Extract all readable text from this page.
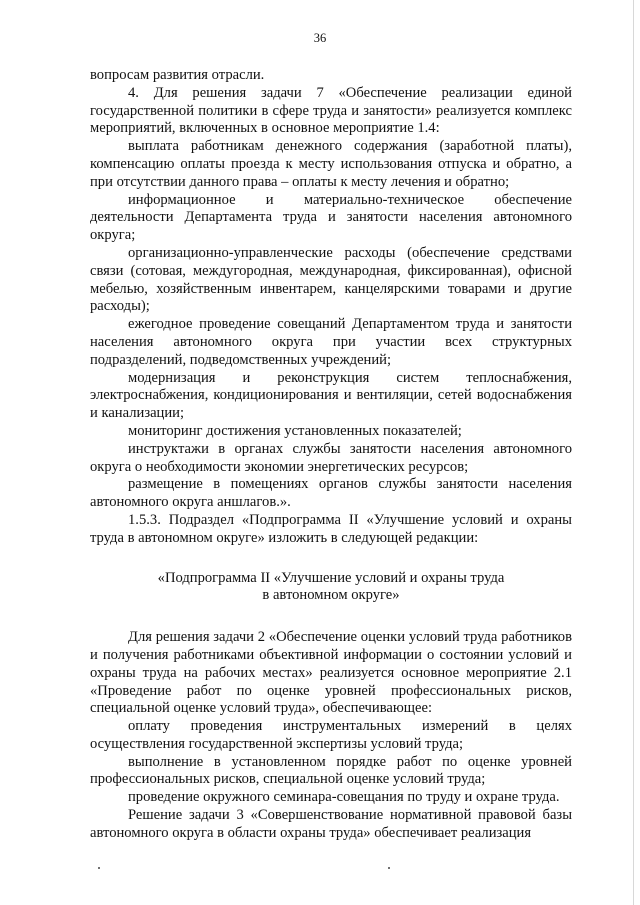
36

вопросам развития отрасли.

4. Для решения задачи 7 «Обеспечение реализации единой государственной политики в сфере труда и занятости» реализуется комплекс мероприятий, включенных в основное мероприятие 1.4:

выплата работникам денежного содержания (заработной платы), компенсацию оплаты проезда к месту использования отпуска и обратно, а при отсутствии данного права – оплаты к месту лечения и обратно;

информационное и материально-техническое обеспечение деятельности Департамента труда и занятости населения автономного округа;

организационно-управленческие расходы (обеспечение средствами связи (сотовая, междугородная, международная, фиксированная), офисной мебелью, хозяйственным инвентарем, канцелярскими товарами и другие расходы);

ежегодное проведение совещаний Департаментом труда и занятости населения автономного округа при участии всех структурных подразделений, подведомственных учреждений;

модернизация и реконструкция систем теплоснабжения, электроснабжения, кондиционирования и вентиляции, сетей водоснабжения и канализации;

мониторинг достижения установленных показателей;

инструктажи в органах службы занятости населения автономного округа о необходимости экономии энергетических ресурсов;

размещение в помещениях органов службы занятости населения автономного округа аншлагов.».

1.5.3. Подраздел «Подпрограмма II «Улучшение условий и охраны труда в автономном округе» изложить в следующей редакции:

«Подпрограмма II «Улучшение условий и охраны труда
в автономном округе»

Для решения задачи 2 «Обеспечение оценки условий труда работников и получения работниками объективной информации о состоянии условий и охраны труда на рабочих местах» реализуется основное мероприятие 2.1 «Проведение работ по оценке уровней профессиональных рисков, специальной оценке условий труда», обеспечивающее:

оплату проведения инструментальных измерений в целях осуществления государственной экспертизы условий труда;

выполнение в установленном порядке работ по оценке уровней профессиональных рисков, специальной оценке условий труда;

проведение окружного семинара-совещания по труду и охране труда.

Решение задачи 3 «Совершенствование нормативной правовой базы автономного округа в области охраны труда» обеспечивает реализация
